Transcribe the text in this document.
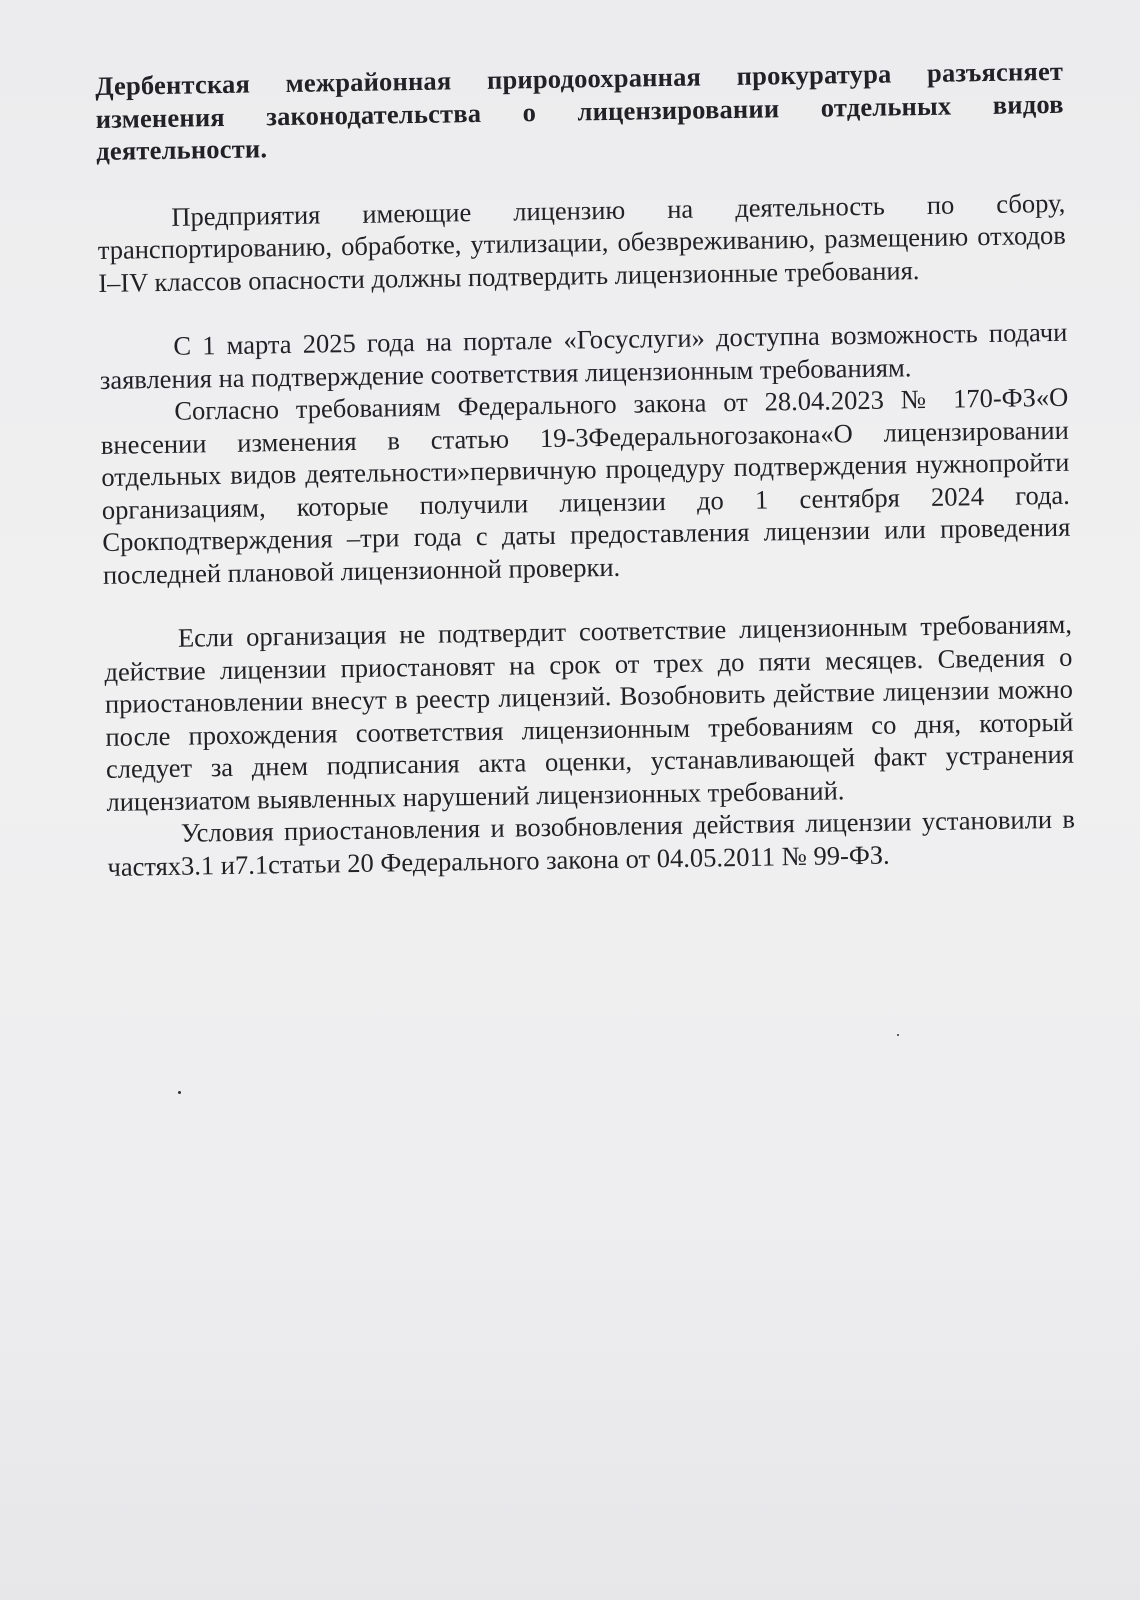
Дербентская межрайонная природоохранная прокуратура разъясняет изменения законодательства о лицензировании отдельных видов деятельности.

Предприятия имеющие лицензию на деятельность по сбору, транспортированию, обработке, утилизации, обезвреживанию, размещению отходов I–IV классов опасности должны подтвердить лицензионные требования.

С 1 марта 2025 года на портале «Госуслуги» доступна возможность подачи заявления на подтверждение соответствия лицензионным требованиям.

Согласно требованиям Федерального закона от 28.04.2023 № 170-ФЗ«О внесении изменения в статью 19-3Федеральногозакона«О лицензировании отдельных видов деятельности»первичную процедуру подтверждения нужнопройти организациям, которые получили лицензии до 1 сентября 2024 года. Срокподтверждения –три года с даты предоставления лицензии или проведения последней плановой лицензионной проверки.

Если организация не подтвердит соответствие лицензионным требованиям, действие лицензии приостановят на срок от трех до пяти месяцев. Сведения о приостановлении внесут в реестр лицензий. Возобновить действие лицензии можно после прохождения соответствия лицензионным требованиям со дня, который следует за днем подписания акта оценки, устанавливающей факт устранения лицензиатом выявленных нарушений лицензионных требований.

Условия приостановления и возобновления действия лицензии установили в частях3.1 и7.1статьи 20 Федерального закона от 04.05.2011 № 99-ФЗ.
